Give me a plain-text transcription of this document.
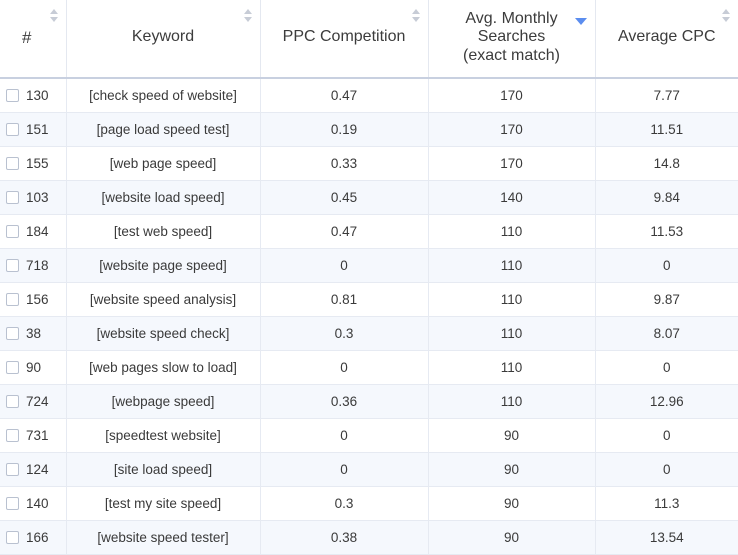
#	Keyword	PPC Competition	Avg. Monthly
Searches
(exact match)	Average CPC

130	[check speed of website]	0.47	170	7.77
151	[page load speed test]	0.19	170	11.51
155	[web page speed]	0.33	170	14.8
103	[website load speed]	0.45	140	9.84
184	[test web speed]	0.47	110	11.53
718	[website page speed]	0	110	0
156	[website speed analysis]	0.81	110	9.87
38	[website speed check]	0.3	110	8.07
90	[web pages slow to load]	0	110	0
724	[webpage speed]	0.36	110	12.96
731	[speedtest website]	0	90	0
124	[site load speed]	0	90	0
140	[test my site speed]	0.3	90	11.3
166	[website speed tester]	0.38	90	13.54
